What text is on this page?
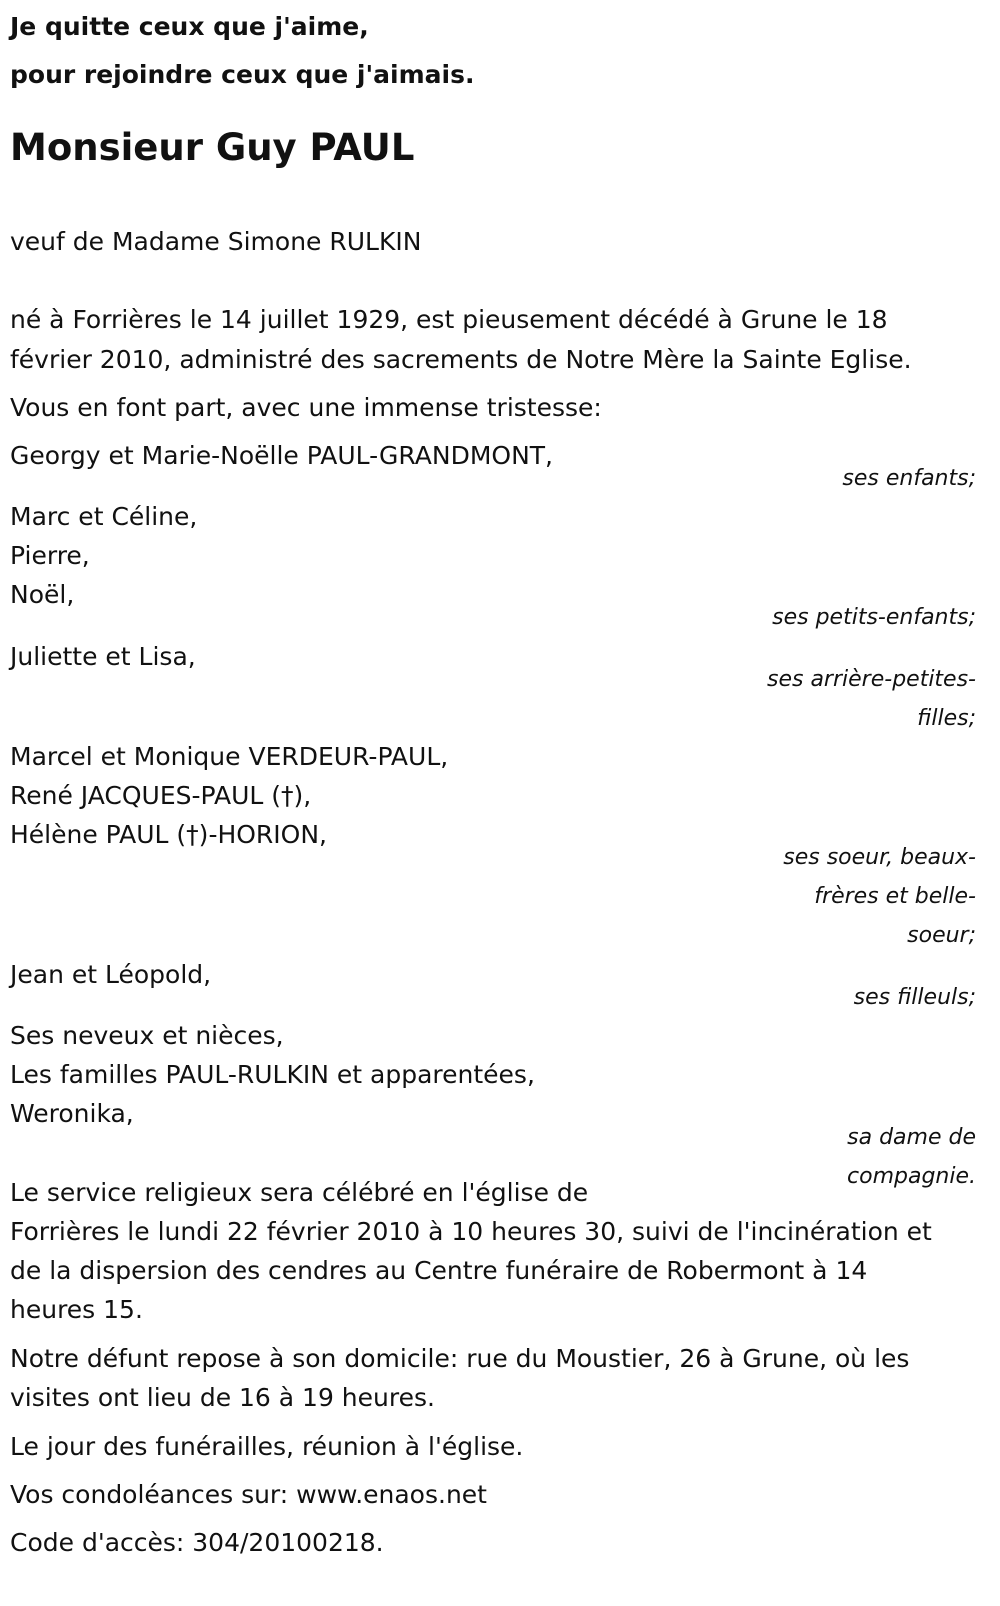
Je quitte ceux que j'aime,
pour rejoindre ceux que j'aimais.
Monsieur Guy PAUL
veuf de Madame Simone RULKIN
né à Forrières le 14 juillet 1929, est pieusement décédé à Grune le 18
février 2010, administré des sacrements de Notre Mère la Sainte Eglise.
Vous en font part, avec une immense tristesse:
Georgy et Marie-Noëlle PAUL-GRANDMONT,
ses enfants;
Marc et Céline,
Pierre,
Noël,
ses petits-enfants;
Juliette et Lisa,
ses arrière-petites-
filles;
Marcel et Monique VERDEUR-PAUL,
René JACQUES-PAUL (†),
Hélène PAUL (†)-HORION,
ses soeur, beaux-
frères et belle-
soeur;
Jean et Léopold,
ses filleuls;
Ses neveux et nièces,
Les familles PAUL-RULKIN et apparentées,
Weronika,
sa dame de
compagnie.
Le service religieux sera célébré en l'église de
Forrières le lundi 22 février 2010 à 10 heures 30, suivi de l'incinération et
de la dispersion des cendres au Centre funéraire de Robermont à 14
heures 15.
Notre défunt repose à son domicile: rue du Moustier, 26 à Grune, où les
visites ont lieu de 16 à 19 heures.
Le jour des funérailles, réunion à l'église.
Vos condoléances sur: www.enaos.net
Code d'accès: 304/20100218.
